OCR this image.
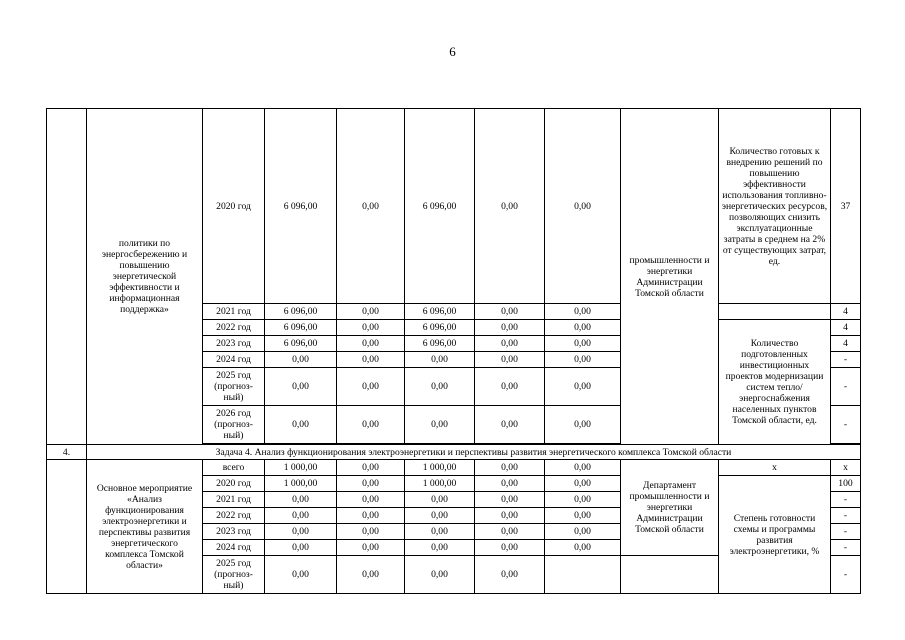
6
	политики по энергосбережению и повышению энергетической эффективности и информационная поддержка»	2020 год	6 096,00	0,00	6 096,00	0,00	0,00	промышленности и энергетики Администрации Томской области	Количество готовых к внедрению решений по повышению эффективности использования топливно-энергетических ресурсов, позволяющих снизить эксплуатационные затраты в среднем на 2% от существующих затрат, ед.	37
		2021 год	6 096,00	0,00	6 096,00	0,00	0,00			4
		2022 год	6 096,00	0,00	6 096,00	0,00	0,00		Количество подготовленных инвестиционных проектов модернизации систем тепло/энергоснабжения населенных пунктов Томской области, ед.	4
		2023 год	6 096,00	0,00	6 096,00	0,00	0,00			4
		2024 год	0,00	0,00	0,00	0,00	0,00			-
		2025 год (прогноз-ный)	0,00	0,00	0,00	0,00	0,00			-
		2026 год (прогноз-ный)	0,00	0,00	0,00	0,00	0,00			-

4.	Задача 4. Анализ функционирования электроэнергетики и перспективы развития энергетического комплекса Томской области									
	Основное мероприятие «Анализ функционирования электроэнергетики и перспективы развития энергетического комплекса Томской области»	всего	1 000,00	0,00	1 000,00	0,00	0,00	Департамент промышленности и энергетики Администрации Томской области	х	х
		2020 год	1 000,00	0,00	1 000,00	0,00	0,00		Степень готовности схемы и программы развития электроэнергетики, %	100
		2021 год	0,00	0,00	0,00	0,00	0,00			-
		2022 год	0,00	0,00	0,00	0,00	0,00			-
		2023 год	0,00	0,00	0,00	0,00	0,00			-
		2024 год	0,00	0,00	0,00	0,00	0,00			-
		2025 год (прогноз-ный)	0,00	0,00	0,00	0,00				-
